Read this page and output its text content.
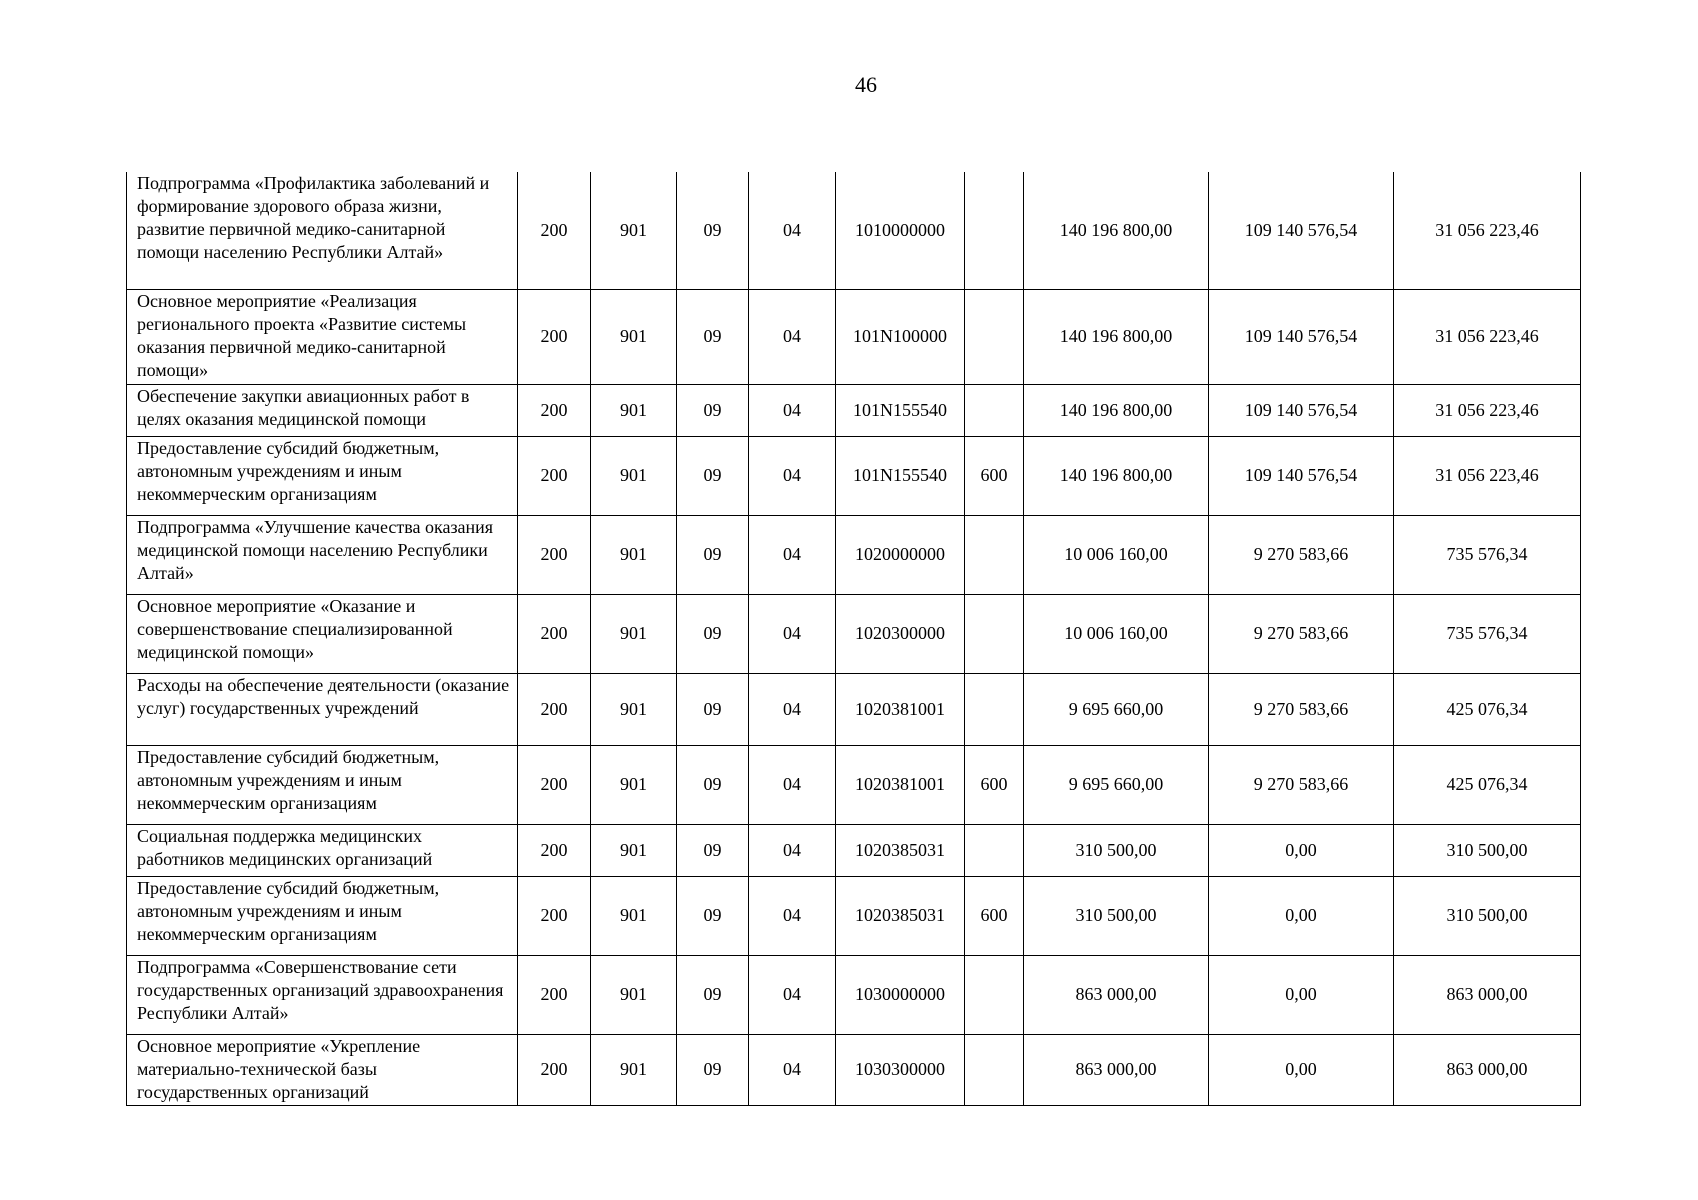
46
Подпрограмма «Профилактика заболеваний и формирование здорового образа жизни, развитие первичной медико-санитарной помощи населению Республики Алтай»	200	901	09	04	1010000000		140 196 800,00	109 140 576,54	31 056 223,46
Основное мероприятие «Реализация регионального проекта «Развитие системы оказания первичной медико-санитарной помощи»	200	901	09	04	101N100000		140 196 800,00	109 140 576,54	31 056 223,46
Обеспечение закупки авиационных работ в целях оказания медицинской помощи	200	901	09	04	101N155540		140 196 800,00	109 140 576,54	31 056 223,46
Предоставление субсидий бюджетным, автономным учреждениям и иным некоммерческим организациям	200	901	09	04	101N155540	600	140 196 800,00	109 140 576,54	31 056 223,46
Подпрограмма «Улучшение качества оказания медицинской помощи населению Республики Алтай»	200	901	09	04	1020000000		10 006 160,00	9 270 583,66	735 576,34
Основное мероприятие «Оказание и совершенствование специализированной медицинской помощи»	200	901	09	04	1020300000		10 006 160,00	9 270 583,66	735 576,34
Расходы на обеспечение деятельности (оказание услуг) государственных учреждений	200	901	09	04	1020381001		9 695 660,00	9 270 583,66	425 076,34
Предоставление субсидий бюджетным, автономным учреждениям и иным некоммерческим организациям	200	901	09	04	1020381001	600	9 695 660,00	9 270 583,66	425 076,34
Социальная поддержка медицинских работников медицинских организаций	200	901	09	04	1020385031		310 500,00	0,00	310 500,00
Предоставление субсидий бюджетным, автономным учреждениям и иным некоммерческим организациям	200	901	09	04	1020385031	600	310 500,00	0,00	310 500,00
Подпрограмма «Совершенствование сети государственных организаций здравоохранения Республики Алтай»	200	901	09	04	1030000000		863 000,00	0,00	863 000,00
Основное мероприятие «Укрепление материально-технической базы государственных организаций	200	901	09	04	1030300000		863 000,00	0,00	863 000,00
